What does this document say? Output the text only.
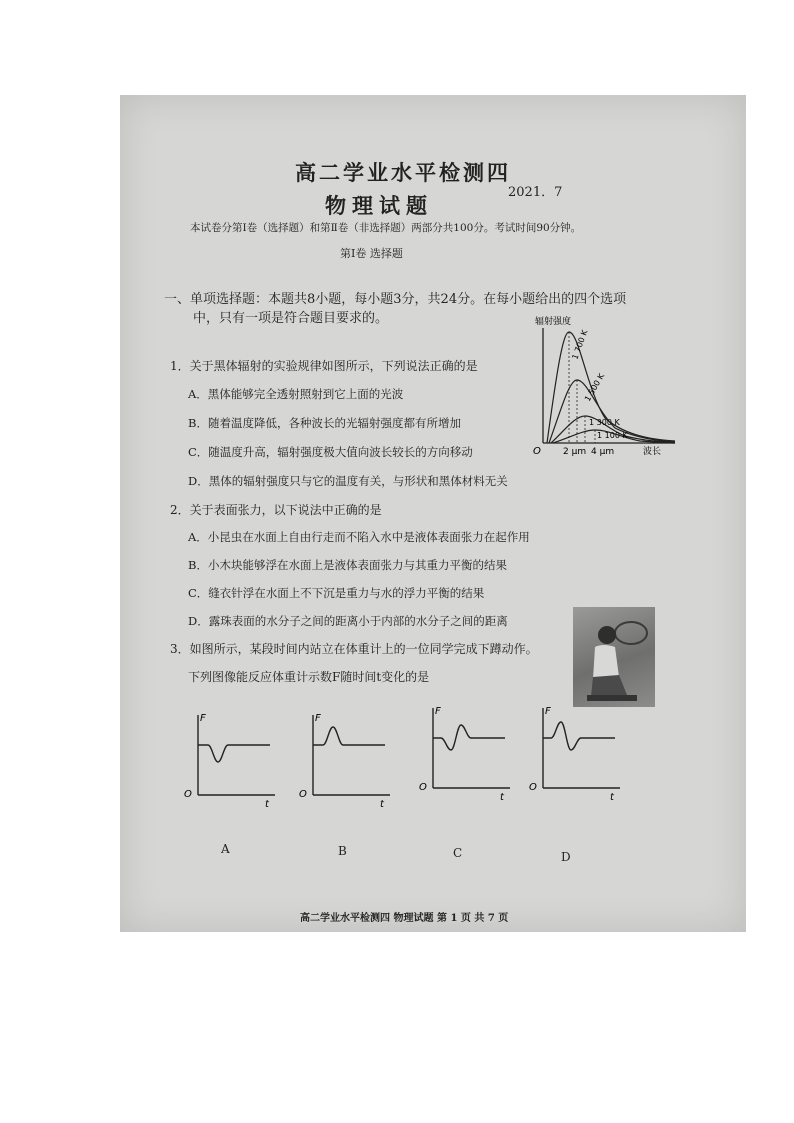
高二学业水平检测四
2021．7
物理试题
本试卷分第Ⅰ卷（选择题）和第Ⅱ卷（非选择题）两部分共100分。考试时间90分钟。
第Ⅰ卷 选择题
一、单项选择题：本题共8小题，每小题3分，共24分。在每小题给出的四个选项
中，只有一项是符合题目要求的。
1．关于黑体辐射的实验规律如图所示，下列说法正确的是
A．黑体能够完全透射照射到它上面的光波
B．随着温度降低，各种波长的光辐射强度都有所增加
C．随温度升高，辐射强度极大值向波长较长的方向移动
D．黑体的辐射强度只与它的温度有关，与形状和黑体材料无关
辐射强度
O 2 μm 4 μm	波长
1 700 K
1 500 K
1 300 K
1 100 K
2．关于表面张力，以下说法中正确的是
A．小昆虫在水面上自由行走而不陷入水中是液体表面张力在起作用
B．小木块能够浮在水面上是液体表面张力与其重力平衡的结果
C．缝衣针浮在水面上不下沉是重力与水的浮力平衡的结果
D．露珠表面的水分子之间的距离小于内部的水分子之间的距离
3．如图所示，某段时间内站立在体重计上的一位同学完成下蹲动作。
下列图像能反应体重计示数F随时间t变化的是
F
O
t
A
F
O
t
B
F
O
t
C
F
O
t
D
高二学业水平检测四 物理试题 第 1 页 共 7 页
